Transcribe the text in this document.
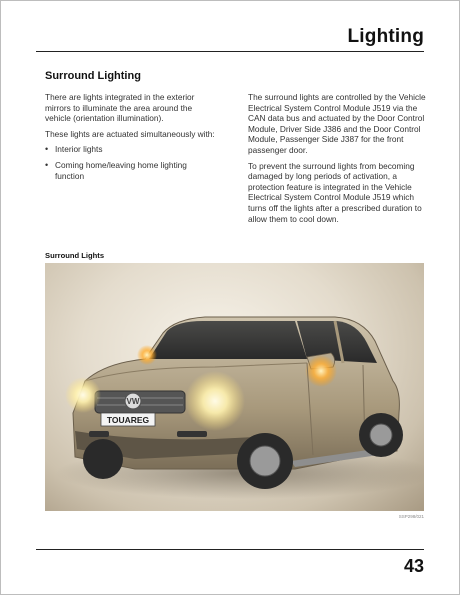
Lighting
Surround Lighting

There are lights integrated in the exterior mirrors to illuminate the area around the vehicle (orientation illumination).

These lights are actuated simultaneously with:

• Interior lights
• Coming home/leaving home lighting function

The surround lights are controlled by the Vehicle Electrical System Control Module J519 via the CAN data bus and actuated by the Door Control Module, Driver Side J386 and the Door Control Module, Passenger Side J387 for the front passenger door.

To prevent the surround lights from becoming damaged by long periods of activation, a protection feature is integrated in the Vehicle Electrical System Control Module J519 which turns off the lights after a prescribed duration to allow them to cool down.

Surround Lights
VW
TOUAREG
SSP298/021
43
